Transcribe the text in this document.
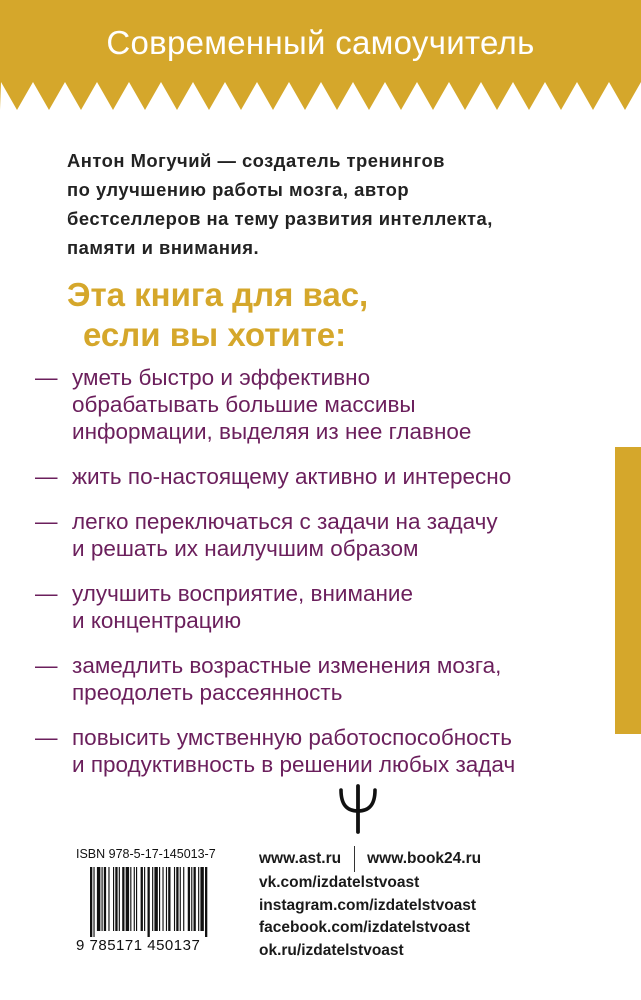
Современный самоучитель
Антон Могучий — создатель тренингов
по улучшению работы мозга, автор
бестселлеров на тему развития интеллекта,
памяти и внимания.
Эта книга для вас,
если вы хотите:
— уметь быстро и эффективно
обрабатывать большие массивы
информации, выделяя из нее главное
— жить по-настоящему активно и интересно
— легко переключаться с задачи на задачу
и решать их наилучшим образом
— улучшить восприятие, внимание
и концентрацию
— замедлить возрастные изменения мозга,
преодолеть рассеянность
— повысить умственную работоспособность
и продуктивность в решении любых задач
ISBN 978-5-17-145013-7
9 785171 450137
www.ast.ru www.book24.ru
vk.com/izdatelstvoast
instagram.com/izdatelstvoast
facebook.com/izdatelstvoast
ok.ru/izdatelstvoast
